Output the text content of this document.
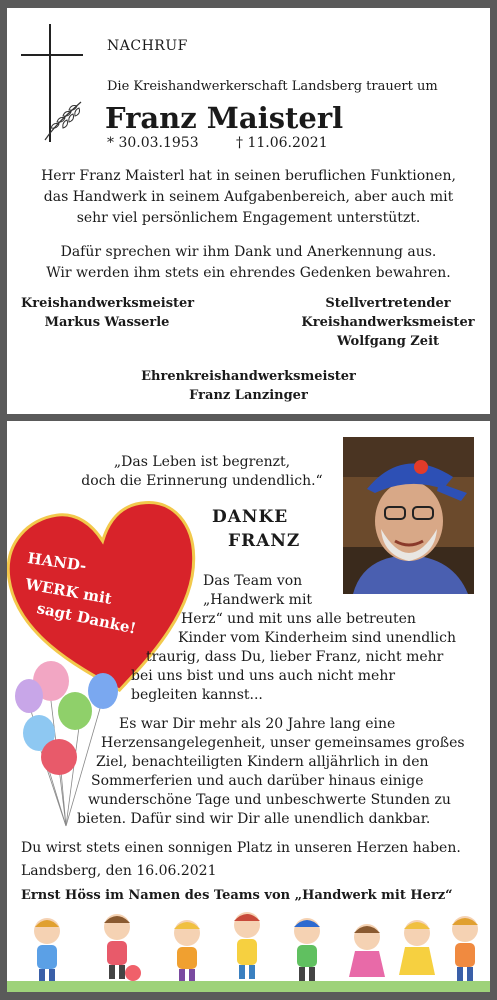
NACHRUF
Die Kreishandwerkerschaft Landsberg trauert um
Franz Maisterl
* 30.03.1953	† 11.06.2021
Herr Franz Maisterl hat in seinen beruflichen Funktionen,
das Handwerk in seinem Aufgabenbereich, aber auch mit
sehr viel persönlichem Engagement unterstützt.
Dafür sprechen wir ihm Dank und Anerkennung aus.
Wir werden ihm stets ein ehrendes Gedenken bewahren.
Kreishandwerksmeister
Markus Wasserle
Stellvertretender
Kreishandwerksmeister
Wolfgang Zeit
Ehrenkreishandwerksmeister
Franz Lanzinger
„Das Leben ist begrenzt,
doch die Erinnerung undendlich.“
DANKE
FRANZ
HAND-
WERK mit
sagt Danke!
Das Team von
„Handwerk mit
Herz“ und mit uns alle betreuten
Kinder vom Kinderheim sind unendlich
traurig, dass Du, lieber Franz, nicht mehr
bei uns bist und uns auch nicht mehr
begleiten kannst...
Es war Dir mehr als 20 Jahre lang eine
Herzensangelegenheit, unser gemeinsames großes
Ziel, benachteiligten Kindern alljährlich in den
Sommerferien und auch darüber hinaus einige
wunderschöne Tage und unbeschwerte Stunden zu
bieten. Dafür sind wir Dir alle unendlich dankbar.
Du wirst stets einen sonnigen Platz in unseren Herzen haben.
Landsberg, den 16.06.2021
Ernst Höss im Namen des Teams von „Handwerk mit Herz“
